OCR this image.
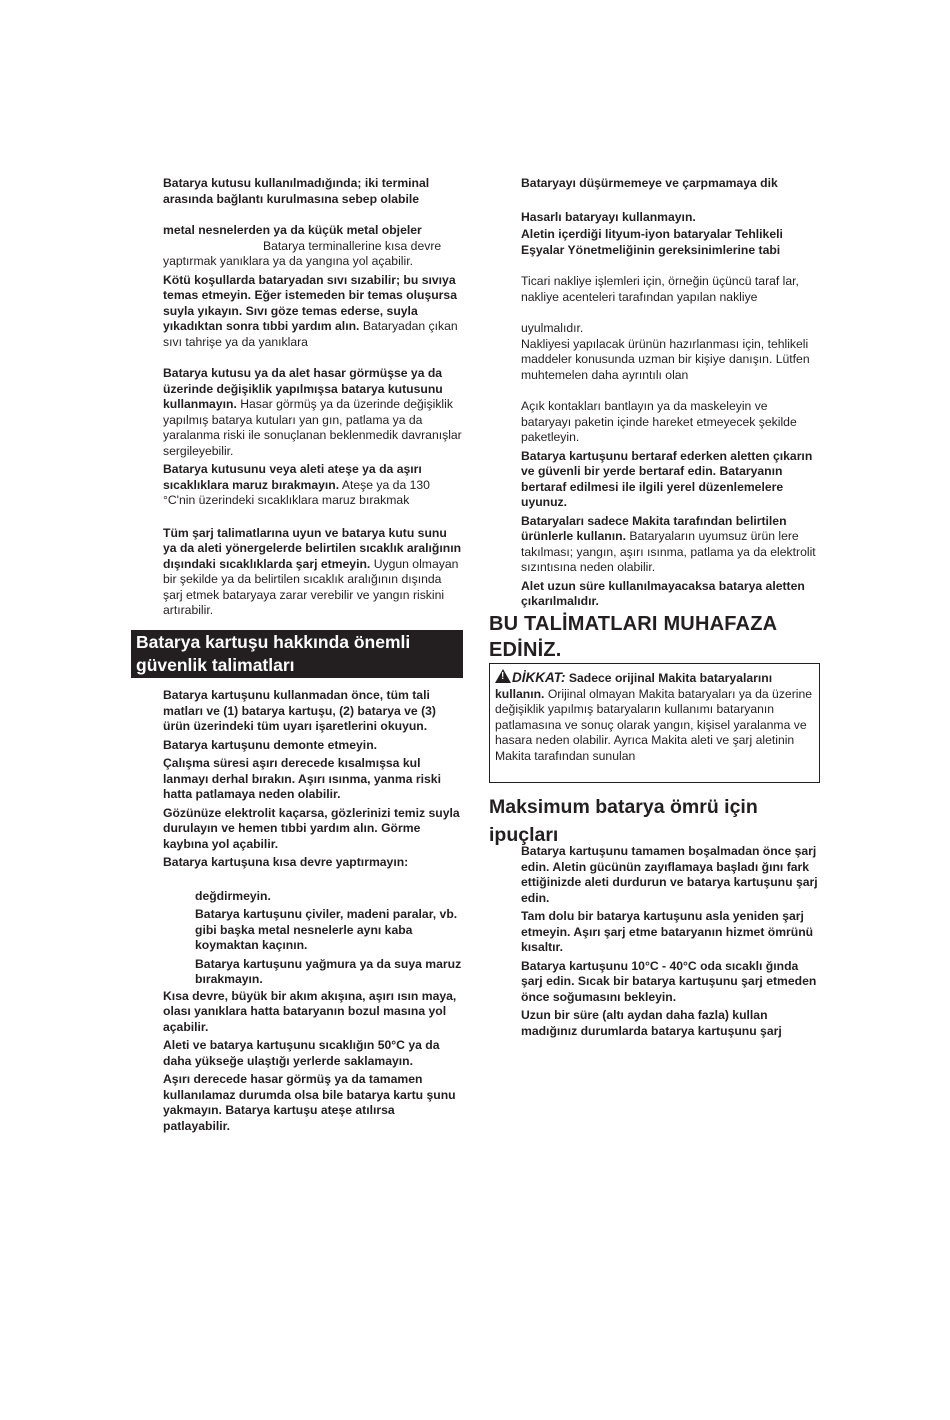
Batarya kutusu kullanılmadığında; iki terminal arasında bağlantı kurulmasına sebep olabile

metal nesnelerden ya da küçük metal objeler
Batarya terminallerine kısa devre yaptırmak yanıklara ya da yangına yol açabilir.

Kötü koşullarda bataryadan sıvı sızabilir; bu sıvıya temas etmeyin. Eğer istemeden bir temas oluşursa suyla yıkayın. Sıvı gözе temas ederse, suyla yıkadıktan sonra tıbbi yardım alın. Bataryadan çıkan sıvı tahrişe ya da yanıklara

Batarya kutusu ya da alet hasar görmüşse ya da üzerinde değişiklik yapılmışsa batarya kutusunu kullanmayın. Hasar görmüş ya da üzerinde değişiklik yapılmış batarya kutuları yan gın, patlama ya da yaralanma riski ile sonuçlanan beklenmedik davranışlar sergileyebilir.

Batarya kutusunu veya aleti ateşe ya da aşırı sıcaklıklara maruz bırakmayın. Ateşe ya da 130 °C'nin üzerindeki sıcaklıklara maruz bırakmak

Tüm şarj talimatlarına uyun ve batarya kutu sunu ya da aleti yönergelerde belirtilen sıcaklık aralığının dışındaki sıcaklıklarda şarj etmeyin. Uygun olmayan bir şekilde ya da belirtilen sıcaklık aralığının dışında şarj etmek bataryaya zarar verebilir ve yangın riskini artırabilir.

Batarya kartuşu hakkında önemli güvenlik talimatları

Batarya kartuşunu kullanmadan önce, tüm tali matları ve (1) batarya kartuşu, (2) batarya ve (3) ürün üzerindeki tüm uyarı işaretlerini okuyun.

Batarya kartuşunu demonte etmeyin.

Çalışma süresi aşırı derecede kısalmışsa kul lanmayı derhal bırakın. Aşırı ısınma, yanma riski hatta patlamaya neden olabilir.

Gözünüze elektrolit kaçarsa, gözlerinizi temiz suyla durulayın ve hemen tıbbi yardım alın. Görme kaybına yol açabilir.

Batarya kartuşuna kısa devre yaptırmayın:

değdirmeyin.

Batarya kartuşunu çiviler, madeni paralar, vb. gibi başka metal nesnelerle aynı kaba koymaktan kaçının.

Batarya kartuşunu yağmura ya da suya maruz bırakmayın.

Kısa devre, büyük bir akım akışına, aşırı ısın maya, olası yanıklara hatta bataryanın bozul masına yol açabilir.

Aleti ve batarya kartuşunu sıcaklığın 50°C ya da daha yükseğe ulaştığı yerlerde saklamayın.

Aşırı derecede hasar görmüş ya da tamamen kullanılamaz durumda olsa bile batarya kartu şunu yakmayın. Batarya kartuşu ateşe atılırsa patlayabilir.

Bataryayı düşürmemeye ve çarpmamaya dik

Hasarlı bataryayı kullanmayın.

Aletin içerdiği lityum-iyon bataryalar Tehlikeli Eşyalar Yönetmeliğinin gereksinimlerine tabi

Ticari nakliye işlemleri için, örneğin üçüncü taraf lar, nakliye acenteleri tarafından yapılan nakliye

uyulmalıdır.

Nakliyesi yapılacak ürünün hazırlanması için, tehlikeli maddeler konusunda uzman bir kişiye danışın. Lütfen muhtemelen daha ayrıntılı olan

Açık kontakları bantlayın ya da maskeleyin ve bataryayı paketin içinde hareket etmeyecek şekilde paketleyin.

Batarya kartuşunu bertaraf ederken aletten çıkarın ve güvenli bir yerde bertaraf edin. Bataryanın bertaraf edilmesi ile ilgili yerel düzenlemelere uyunuz.

Bataryaları sadece Makita tarafından belirtilen ürünlerle kullanın. Bataryaların uyumsuz ürün lere takılması; yangın, aşırı ısınma, patlama ya da elektrolit sızıntısına neden olabilir.

Alet uzun süre kullanılmayacaksa batarya aletten çıkarılmalıdır.

BU TALİMATLARI MUHAFAZA EDİNİZ.

!DİKKAT: Sadece orijinal Makita bataryalarını kullanın. Orijinal olmayan Makita bataryaları ya da üzerine değişiklik yapılmış bataryaların kullanımı bataryanın patlamasına ve sonuç olarak yangın, kişisel yaralanma ve hasara neden olabilir. Ayrıca Makita aleti ve şarj aletinin Makita tarafından sunulan

Maksimum batarya ömrü için ipuçları

Batarya kartuşunu tamamen boşalmadan önce şarj edin. Aletin gücünün zayıflamaya başladı ğını fark ettiğinizde aleti durdurun ve batarya kartuşunu şarj edin.

Tam dolu bir batarya kartuşunu asla yeniden şarj etmeyin. Aşırı şarj etme bataryanın hizmet ömrünü kısaltır.

Batarya kartuşunu 10°C - 40°C oda sıcaklı ğında şarj edin. Sıcak bir batarya kartuşunu şarj etmeden önce soğumasını bekleyin.

Uzun bir süre (altı aydan daha fazla) kullan madığınız durumlarda batarya kartuşunu şarj
